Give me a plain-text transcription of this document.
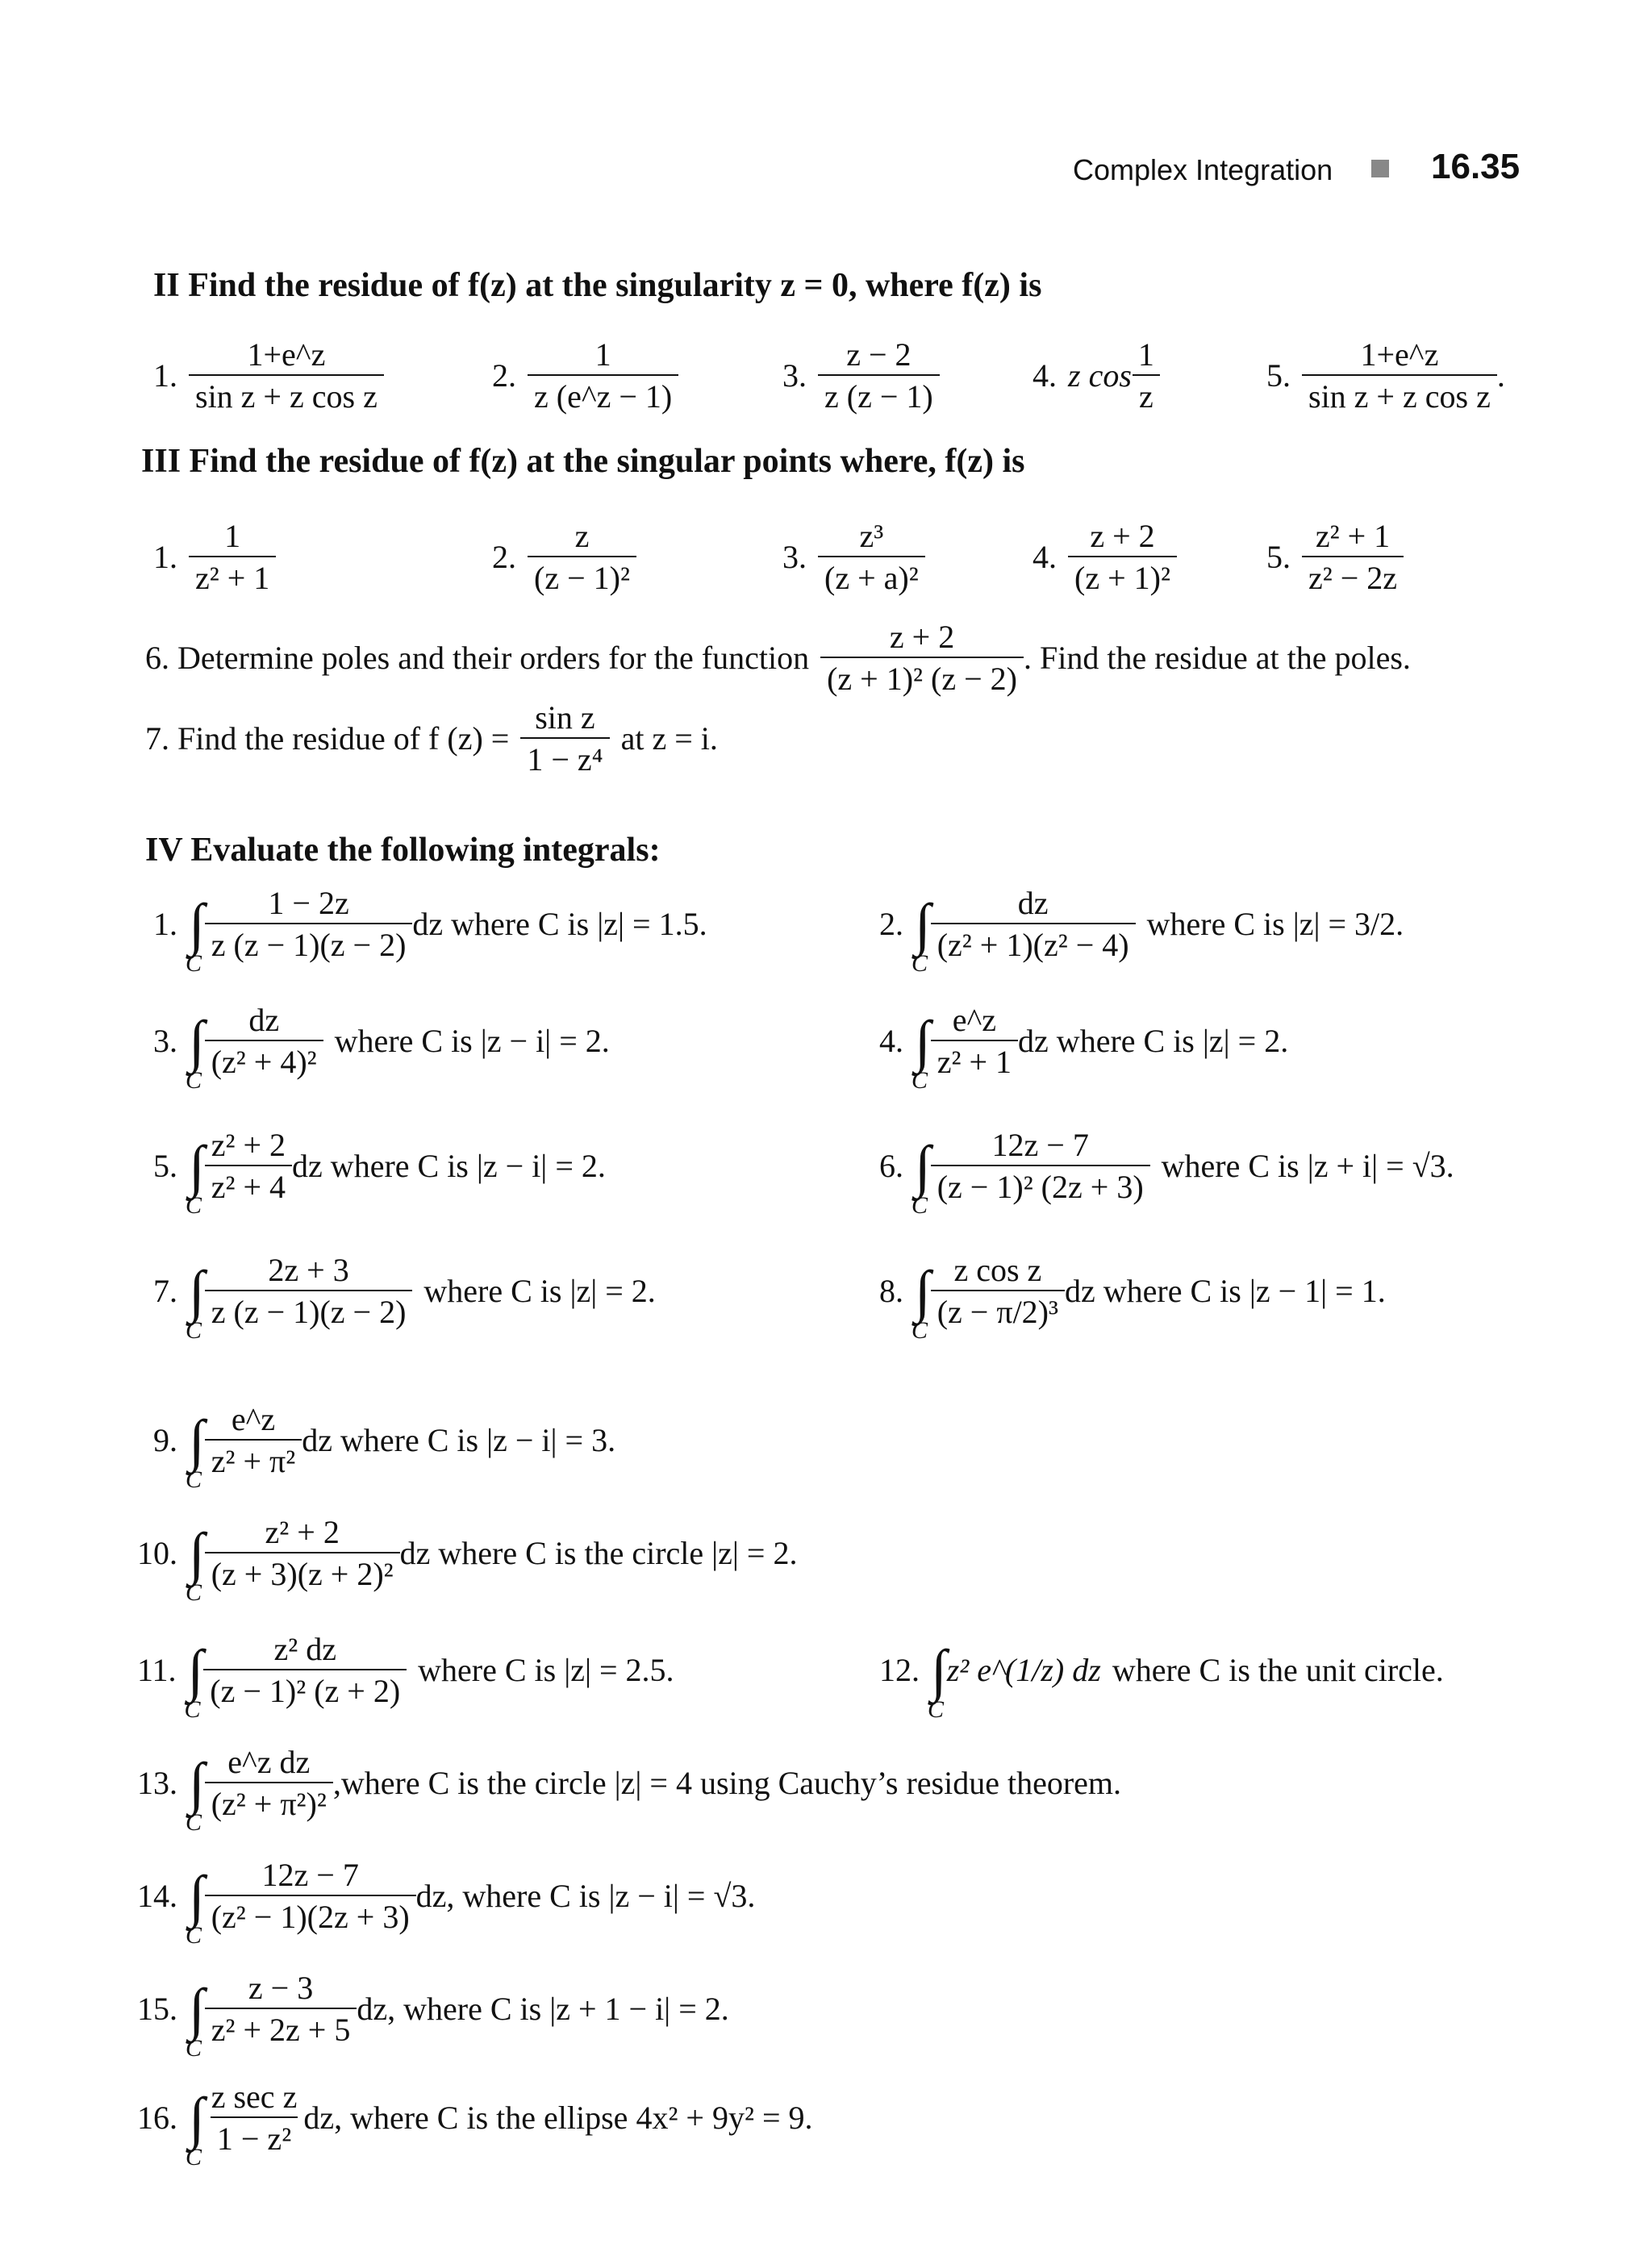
Complex Integration	16.35
II Find the residue of f(z) at the singularity z = 0, where f(z) is
1. $\frac{1+e\^{}z}{\text{sin z + z cos z}}$	2. $\frac{1}{z (e\^{}z - 1)}$	3. $\frac{z - 2}{z (z - 1)}$	4. z $\cos \frac{1}{z}$	5. $\frac{1+e\^{}z}{\text{sin z + z cos z}}$ .
III Find the residue of f(z) at the singular points where, f(z) is
1. $\frac{1}{\text{z² + 1}}$	2. $\frac{z}{\text{(z − 1)²}}$	3. $\frac{\text{z³}}{\text{(z + a)²}}$	4. $\frac{z + 2}{\text{(z + 1)²}}$	5. $\frac{\text{z² + 1}}{\text{z² − 2z}}$
6. Determine poles and their orders for the function $\frac{z + 2}{\text{(z + 1)² (z − 2)}}$ . Find the residue at the poles.
7. Find the residue of f $(z) = \frac{\text{sin z}}{\text{1 − z⁴}}$ at z = i.
IV Evaluate the following integrals:
1. ∫
C
$\frac{1 - 2z}{z (z - 1)(z - 2)}$ dz where C is |z| = 1.5.	2. ∫
C
$\frac{dz}{\text{(z² + 1)(z² − 4)}}$ where C is |z| = 3/2.
3. ∫
C
$\frac{dz}{\text{(z² + 4)²}}$ where C is |z − i| = 2.	4. ∫
C
$\frac{e\^{}z}{\text{z² + 1}}$ dz where C is |z| = 2.
5. ∫
C
$\frac{\text{z² + 2}}{\text{z² + 4}}$ dz where C is |z − i| = 2.	6. ∫
C
$\frac{12z - 7}{\text{(z − 1)² (2z + 3)}}$ where C is |z + i| = √3.
7. ∫
C
$\frac{2z + 3}{z (z - 1)(z - 2)}$ where C is |z| = 2.	8. ∫
C
$\frac{\text{z cos z}}{\text{(z − π/2)³}}$ dz where C is |z − 1| = 1.
9. ∫
C
$\frac{e\^{}z}{\text{z² + π²}}$ dz where C is |z − i| = 3.
10. ∫
C
$\frac{\text{z² + 2}}{\text{(z + 3)(z + 2)²}}$ dz where C is the circle |z| = 2.
11. ∫
C
$\frac{\text{z² dz}}{\text{(z − 1)² (z + 2)}}$ where C is |z| = 2.5.	12. ∫
C
z² e^(1/z) dz where C is the unit circle.
13. ∫
C
$\frac{\text{e\textasciicircum{}z dz}}{\text{(z² + π²)²}}$ ,where C is the circle |z| = 4 using Cauchy’s residue theorem.
14. ∫
C
$\frac{12z - 7}{\text{(z² − 1)(2z + 3)}}$ dz, where C is |z − i| = √3.
15. ∫
C
$\frac{z - 3}{\text{z² + 2z + 5}}$ dz, where C is |z + 1 − i| = 2.
16. ∫
C
$\frac{\text{z sec z}}{\text{1 − z²}}$ dz, where C is the ellipse 4x² + 9y² = 9.
